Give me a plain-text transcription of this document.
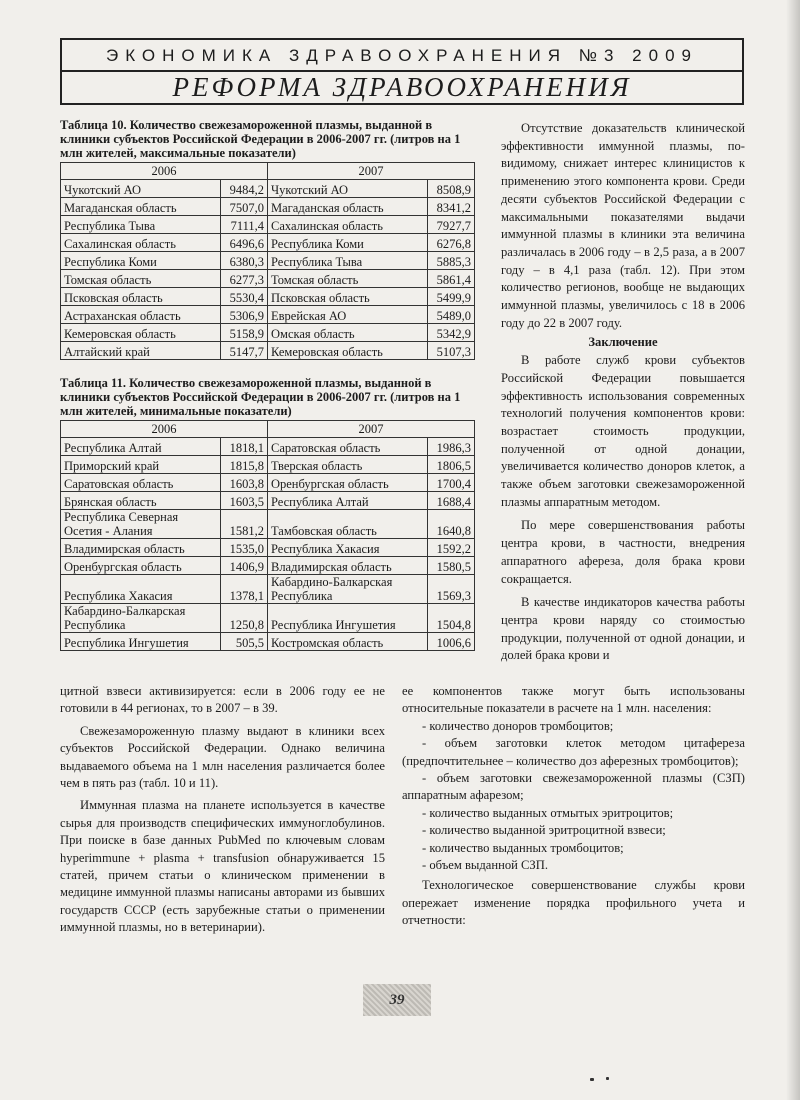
ЭКОНОМИКА ЗДРАВООХРАНЕНИЯ №3 2009
РЕФОРМА ЗДРАВООХРАНЕНИЯ
Таблица 10. Количество свежезамороженной плазмы, выданной в клиники субъектов Российской Федерации в 2006-2007 гг. (литров на 1 млн жителей, максимальные показатели)
2006		2007	
Чукотский АО	9484,2	Чукотский АО	8508,9
Магаданская область	7507,0	Магаданская область	8341,2
Республика Тыва	7111,4	Сахалинская область	7927,7
Сахалинская область	6496,6	Республика Коми	6276,8
Республика Коми	6380,3	Республика Тыва	5885,3
Томская область	6277,3	Томская область	5861,4
Псковская область	5530,4	Псковская область	5499,9
Астраханская область	5306,9	Еврейская АО	5489,0
Кемеровская область	5158,9	Омская область	5342,9
Алтайский край	5147,7	Кемеровская область	5107,3
Таблица 11. Количество свежезамороженной плазмы, выданной в клиники субъектов Российской Федерации в 2006-2007 гг. (литров на 1 млн жителей, минимальные показатели)
2006		2007	
Республика Алтай	1818,1	Саратовская область	1986,3
Приморский край	1815,8	Тверская область	1806,5
Саратовская область	1603,8	Оренбургская область	1700,4
Брянская область	1603,5	Республика Алтай	1688,4
Республика Северная Осетия - Алания	1581,2	Тамбовская область	1640,8
Владимирская область	1535,0	Республика Хакасия	1592,2
Оренбургская область	1406,9	Владимирская область	1580,5
Республика Хакасия	1378,1	Кабардино-Балкарская Республика	1569,3
Кабардино-Балкарская Республика	1250,8	Республика Ингушетия	1504,8
Республика Ингушетия	505,5	Костромская область	1006,6

Отсутствие доказательств клинической эффективности иммунной плазмы, по-видимому, снижает интерес клиницистов к применению этого компонента крови. Среди десяти субъектов Российской Федерации с максимальными показателями выдачи иммунной плазмы в клиники эта величина различалась в 2006 году – в 2,5 раза, а в 2007 году – в 4,1 раза (табл. 12). При этом количество регионов, вообще не выдающих иммунной плазмы, увеличилось с 18 в 2006 году до 22 в 2007 году.

Заключение

В работе служб крови субъектов Российской Федерации повышается эффективность использования современных технологий получения компонентов крови: возрастает стоимость продукции, полученной от одной донации, увеличивается количество доноров клеток, а также объем заготовки свежезамороженной плазмы аппаратным методом.

По мере совершенствования работы центра крови, в частности, внедрения аппаратного афереза, доля брака крови сокращается.

В качестве индикаторов качества работы центра крови наряду со стоимостью продукции, полученной от одной донации, и долей брака крови и

цитной взвеси активизируется: если в 2006 году ее не готовили в 44 регионах, то в 2007 – в 39.

Свежезамороженную плазму выдают в клиники всех субъектов Российской Федерации. Однако величина выдаваемого объема на 1 млн населения различается более чем в пять раз (табл. 10 и 11).

Иммунная плазма на планете используется в качестве сырья для производств специфических иммуноглобулинов. При поиске в базе данных PubMed по ключевым словам hyperimmune + plasma + transfusion обнаруживается 15 статей, причем статьи о клиническом применении в медицине иммунной плазмы написаны авторами из бывших государств СССР (есть зарубежные статьи о применении иммунной плазмы, но в ветеринарии).

ее компонентов также могут быть использованы относительные показатели в расчете на 1 млн. населения:

- количество доноров тромбоцитов;

- объем заготовки клеток методом цитафереза (предпочтительнее – количество доз аферезных тромбоцитов);

- объем заготовки свежезамороженной плазмы (СЗП) аппаратным афарезом;

- количество выданных отмытых эритроцитов;

- количество выданной эритроцитной взвеси;

- количество выданных тромбоцитов;

- объем выданной СЗП.

Технологическое совершенствование службы крови опережает изменение порядка профильного учета и отчетности:

39
